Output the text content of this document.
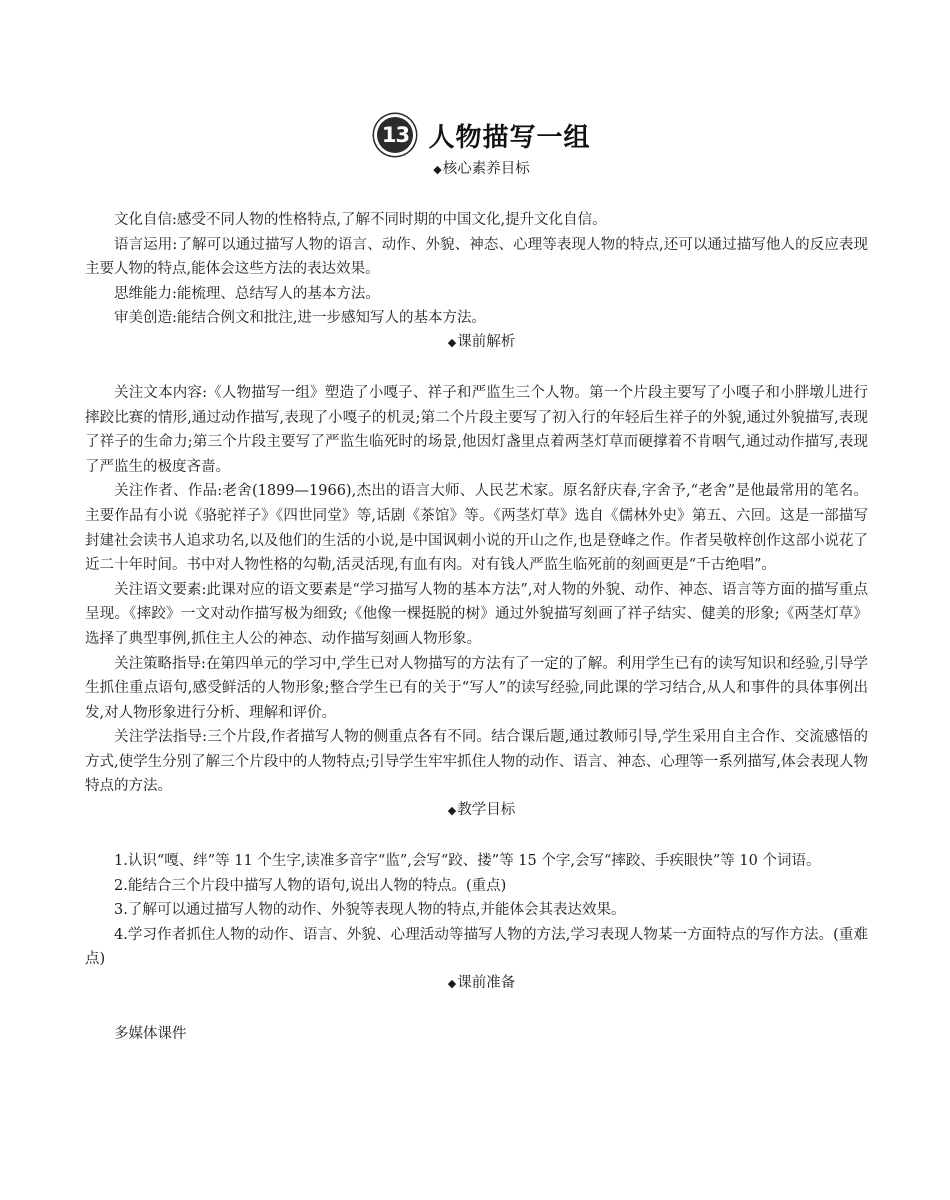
13 人物描写一组
◆核心素养目标

文化自信:感受不同人物的性格特点,了解不同时期的中国文化,提升文化自信。

语言运用:了解可以通过描写人物的语言、动作、外貌、神态、心理等表现人物的特点,还可以通过描写他人的反应表现主要人物的特点,能体会这些方法的表达效果。

思维能力:能梳理、总结写人的基本方法。

审美创造:能结合例文和批注,进一步感知写人的基本方法。

◆课前解析

关注文本内容:《人物描写一组》塑造了小嘎子、祥子和严监生三个人物。第一个片段主要写了小嘎子和小胖墩儿进行摔跤比赛的情形,通过动作描写,表现了小嘎子的机灵;第二个片段主要写了初入行的年轻后生祥子的外貌,通过外貌描写,表现了祥子的生命力;第三个片段主要写了严监生临死时的场景,他因灯盏里点着两茎灯草而硬撑着不肯咽气,通过动作描写,表现了严监生的极度吝啬。

关注作者、作品:老舍(1899—1966),杰出的语言大师、人民艺术家。原名舒庆春,字舍予,“老舍”是他最常用的笔名。主要作品有小说《骆驼祥子》《四世同堂》等,话剧《茶馆》等。《两茎灯草》选自《儒林外史》第五、六回。这是一部描写封建社会读书人追求功名,以及他们的生活的小说,是中国讽刺小说的开山之作,也是登峰之作。作者吴敬梓创作这部小说花了近二十年时间。书中对人物性格的勾勒,活灵活现,有血有肉。对有钱人严监生临死前的刻画更是“千古绝唱”。

关注语文要素:此课对应的语文要素是“学习描写人物的基本方法”,对人物的外貌、动作、神态、语言等方面的描写重点呈现。《摔跤》一文对动作描写极为细致;《他像一棵挺脱的树》通过外貌描写刻画了祥子结实、健美的形象;《两茎灯草》选择了典型事例,抓住主人公的神态、动作描写刻画人物形象。

关注策略指导:在第四单元的学习中,学生已对人物描写的方法有了一定的了解。利用学生已有的读写知识和经验,引导学生抓住重点语句,感受鲜活的人物形象;整合学生已有的关于“写人”的读写经验,同此课的学习结合,从人和事件的具体事例出发,对人物形象进行分析、理解和评价。

关注学法指导:三个片段,作者描写人物的侧重点各有不同。结合课后题,通过教师引导,学生采用自主合作、交流感悟的方式,使学生分别了解三个片段中的人物特点;引导学生牢牢抓住人物的动作、语言、神态、心理等一系列描写,体会表现人物特点的方法。

◆教学目标

1.认识“嘎、绊”等 11 个生字,读准多音字“监”,会写“跤、搂”等 15 个字,会写“摔跤、手疾眼快”等 10 个词语。

2.能结合三个片段中描写人物的语句,说出人物的特点。(重点)

3.了解可以通过描写人物的动作、外貌等表现人物的特点,并能体会其表达效果。

4.学习作者抓住人物的动作、语言、外貌、心理活动等描写人物的方法,学习表现人物某一方面特点的写作方法。(重难点)

◆课前准备

多媒体课件
